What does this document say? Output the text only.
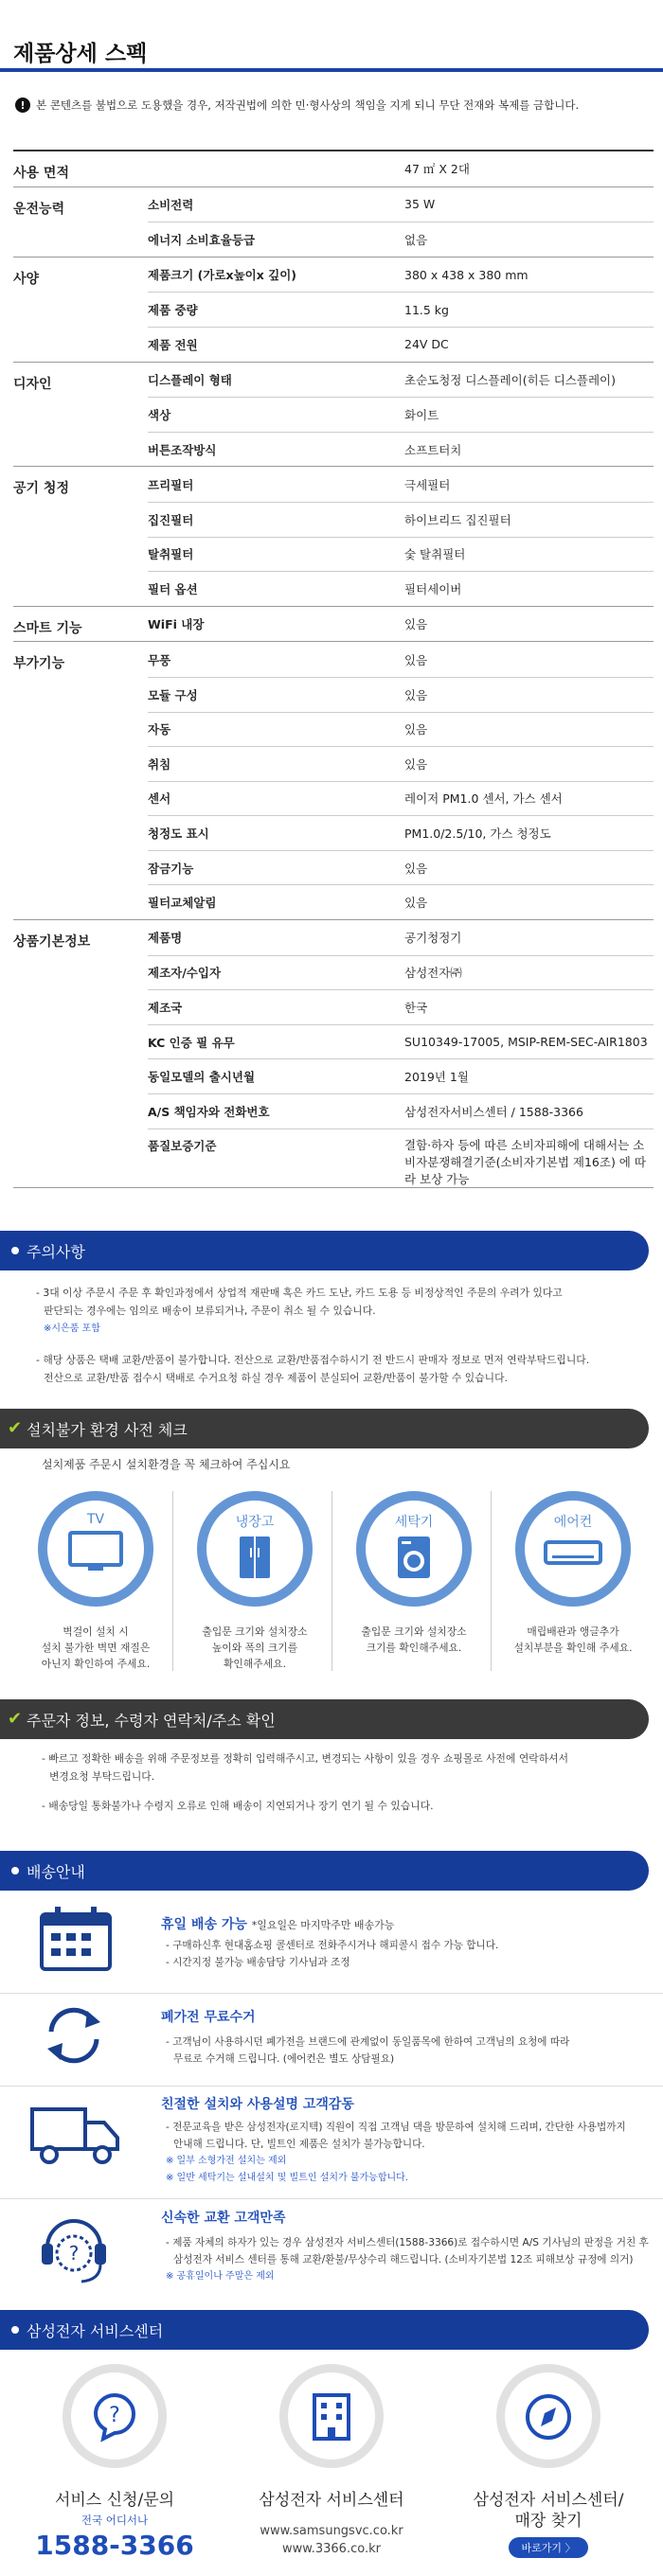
제품상세 스펙
! 본 콘텐츠를 불법으로 도용했을 경우, 저작권법에 의한 민·형사상의 책임을 지게 되니 무단 전재와 복제를 금합니다.
사용 면적	47 ㎡ X 2대
운전능력	소비전력	35 W
에너지 소비효율등급	없음
사양	제품크기 (가로x높이x 깊이)	380 x 438 x 380 mm
제품 중량	11.5 kg
제품 전원	24V DC
디자인	디스플레이 형태	초순도청정 디스플레이(히든 디스플레이)
색상	화이트
버튼조작방식	소프트터치
공기 청정	프리필터	극세필터
집진필터	하이브리드 집진필터
탈취필터	숯 탈취필터
필터 옵션	필터세이버
스마트 기능	WiFi 내장	있음
부가기능	무풍	있음
모듈 구성	있음
자동	있음
취침	있음
센서	레이저 PM1.0 센서, 가스 센서
청정도 표시	PM1.0/2.5/10, 가스 청정도
잠금기능	있음
필터교체알림	있음
상품기본정보	제품명	공기청정기
제조자/수입자	삼성전자㈜
제조국	한국
KC 인증 필 유무	SU10349-17005, MSIP-REM-SEC-AIR1803
동일모델의 출시년월	2019년 1월
A/S 책임자와 전화번호	삼성전자서비스센터 / 1588-3366
품질보증기준	결함·하자 등에 따른 소비자피해에 대해서는 소비자분쟁해결기준(소비자기본법 제16조) 에 따라 보상 가능
주의사항
- 3대 이상 주문시 주문 후 확인과정에서 상업적 재판매 혹은 카드 도난, 카드 도용 등 비정상적인 주문의 우려가 있다고
판단되는 경우에는 임의로 배송이 보류되거나, 주문이 취소 될 수 있습니다.
※시은품 포함
- 해당 상품은 택배 교환/반품이 불가합니다. 전산으로 교환/반품접수하시기 전 반드시 판매자 정보로 먼저 연락부탁드립니다.
전산으로 교환/반품 접수시 택배로 수거요청 하실 경우 제품이 분실되어 교환/반품이 불가할 수 있습니다.
✔ 설치불가 환경 사전 체크
설치제품 주문시 설치환경을 꼭 체크하여 주십시요
TV	냉장고	세탁기	에어컨
벽걸이 설치 시
설치 불가한 벽면 재질은
아닌지 확인하여 주세요.
출입문 크기와 설치장소
높이와 폭의 크기를
확인해주세요.
출입문 크기와 설치장소
크기를 확인해주세요.
매립배관과 앵글추가
설치부분을 확인해 주세요.
✔ 주문자 정보, 수령자 연락처/주소 확인
- 빠르고 정확한 배송을 위해 주문정보를 정확히 입력해주시고, 변경되는 사항이 있을 경우 쇼핑몰로 사전에 연락하셔서
변경요청 부탁드립니다.
- 배송당일 통화불가나 수령지 오류로 인해 배송이 지연되거나 장기 연기 될 수 있습니다.
배송안내
휴일 배송 가능 *일요일은 마지막주만 배송가능
- 구매하신후 현대홈쇼핑 콜센터로 전화주시거나 해피콜시 접수 가능 합니다.
- 시간지정 불가능 배송담당 기사님과 조정
폐가전 무료수거
- 고객님이 사용하시던 폐가전을 브랜드에 관계없이 동일품목에 한하여 고객님의 요청에 따라
무료로 수거해 드립니다. (에어컨은 별도 상담필요)
친절한 설치와 사용설명 고객감동
- 전문교육을 받은 삼성전자(로지텍) 직원이 직접 고객님 댁을 방문하여 설치해 드리며, 간단한 사용법까지
안내해 드립니다. 단, 빌트인 제품은 설치가 불가능합니다.
※ 일부 소형가전 설치는 제외
※ 일반 세탁기는 설내설치 및 빌트인 설치가 불가능합니다.
?
신속한 교환 고객만족
- 제품 자체의 하자가 있는 경우 삼성전자 서비스센터(1588-3366)로 접수하시면 A/S 기사님의 판정을 거친 후
삼성전자 서비스 센터를 통해 교환/환불/무상수리 해드립니다. (소비자기본법 12조 피해보상 규정에 의거)
※ 공휴일이나 주말은 제외
삼성전자 서비스센터
?
서비스 신청/문의
전국 어디서나
1588-3366
삼성전자 서비스센터
www.samsungsvc.co.kr
www.3366.co.kr
삼성전자 서비스센터/
매장 찾기
바로가기 〉
